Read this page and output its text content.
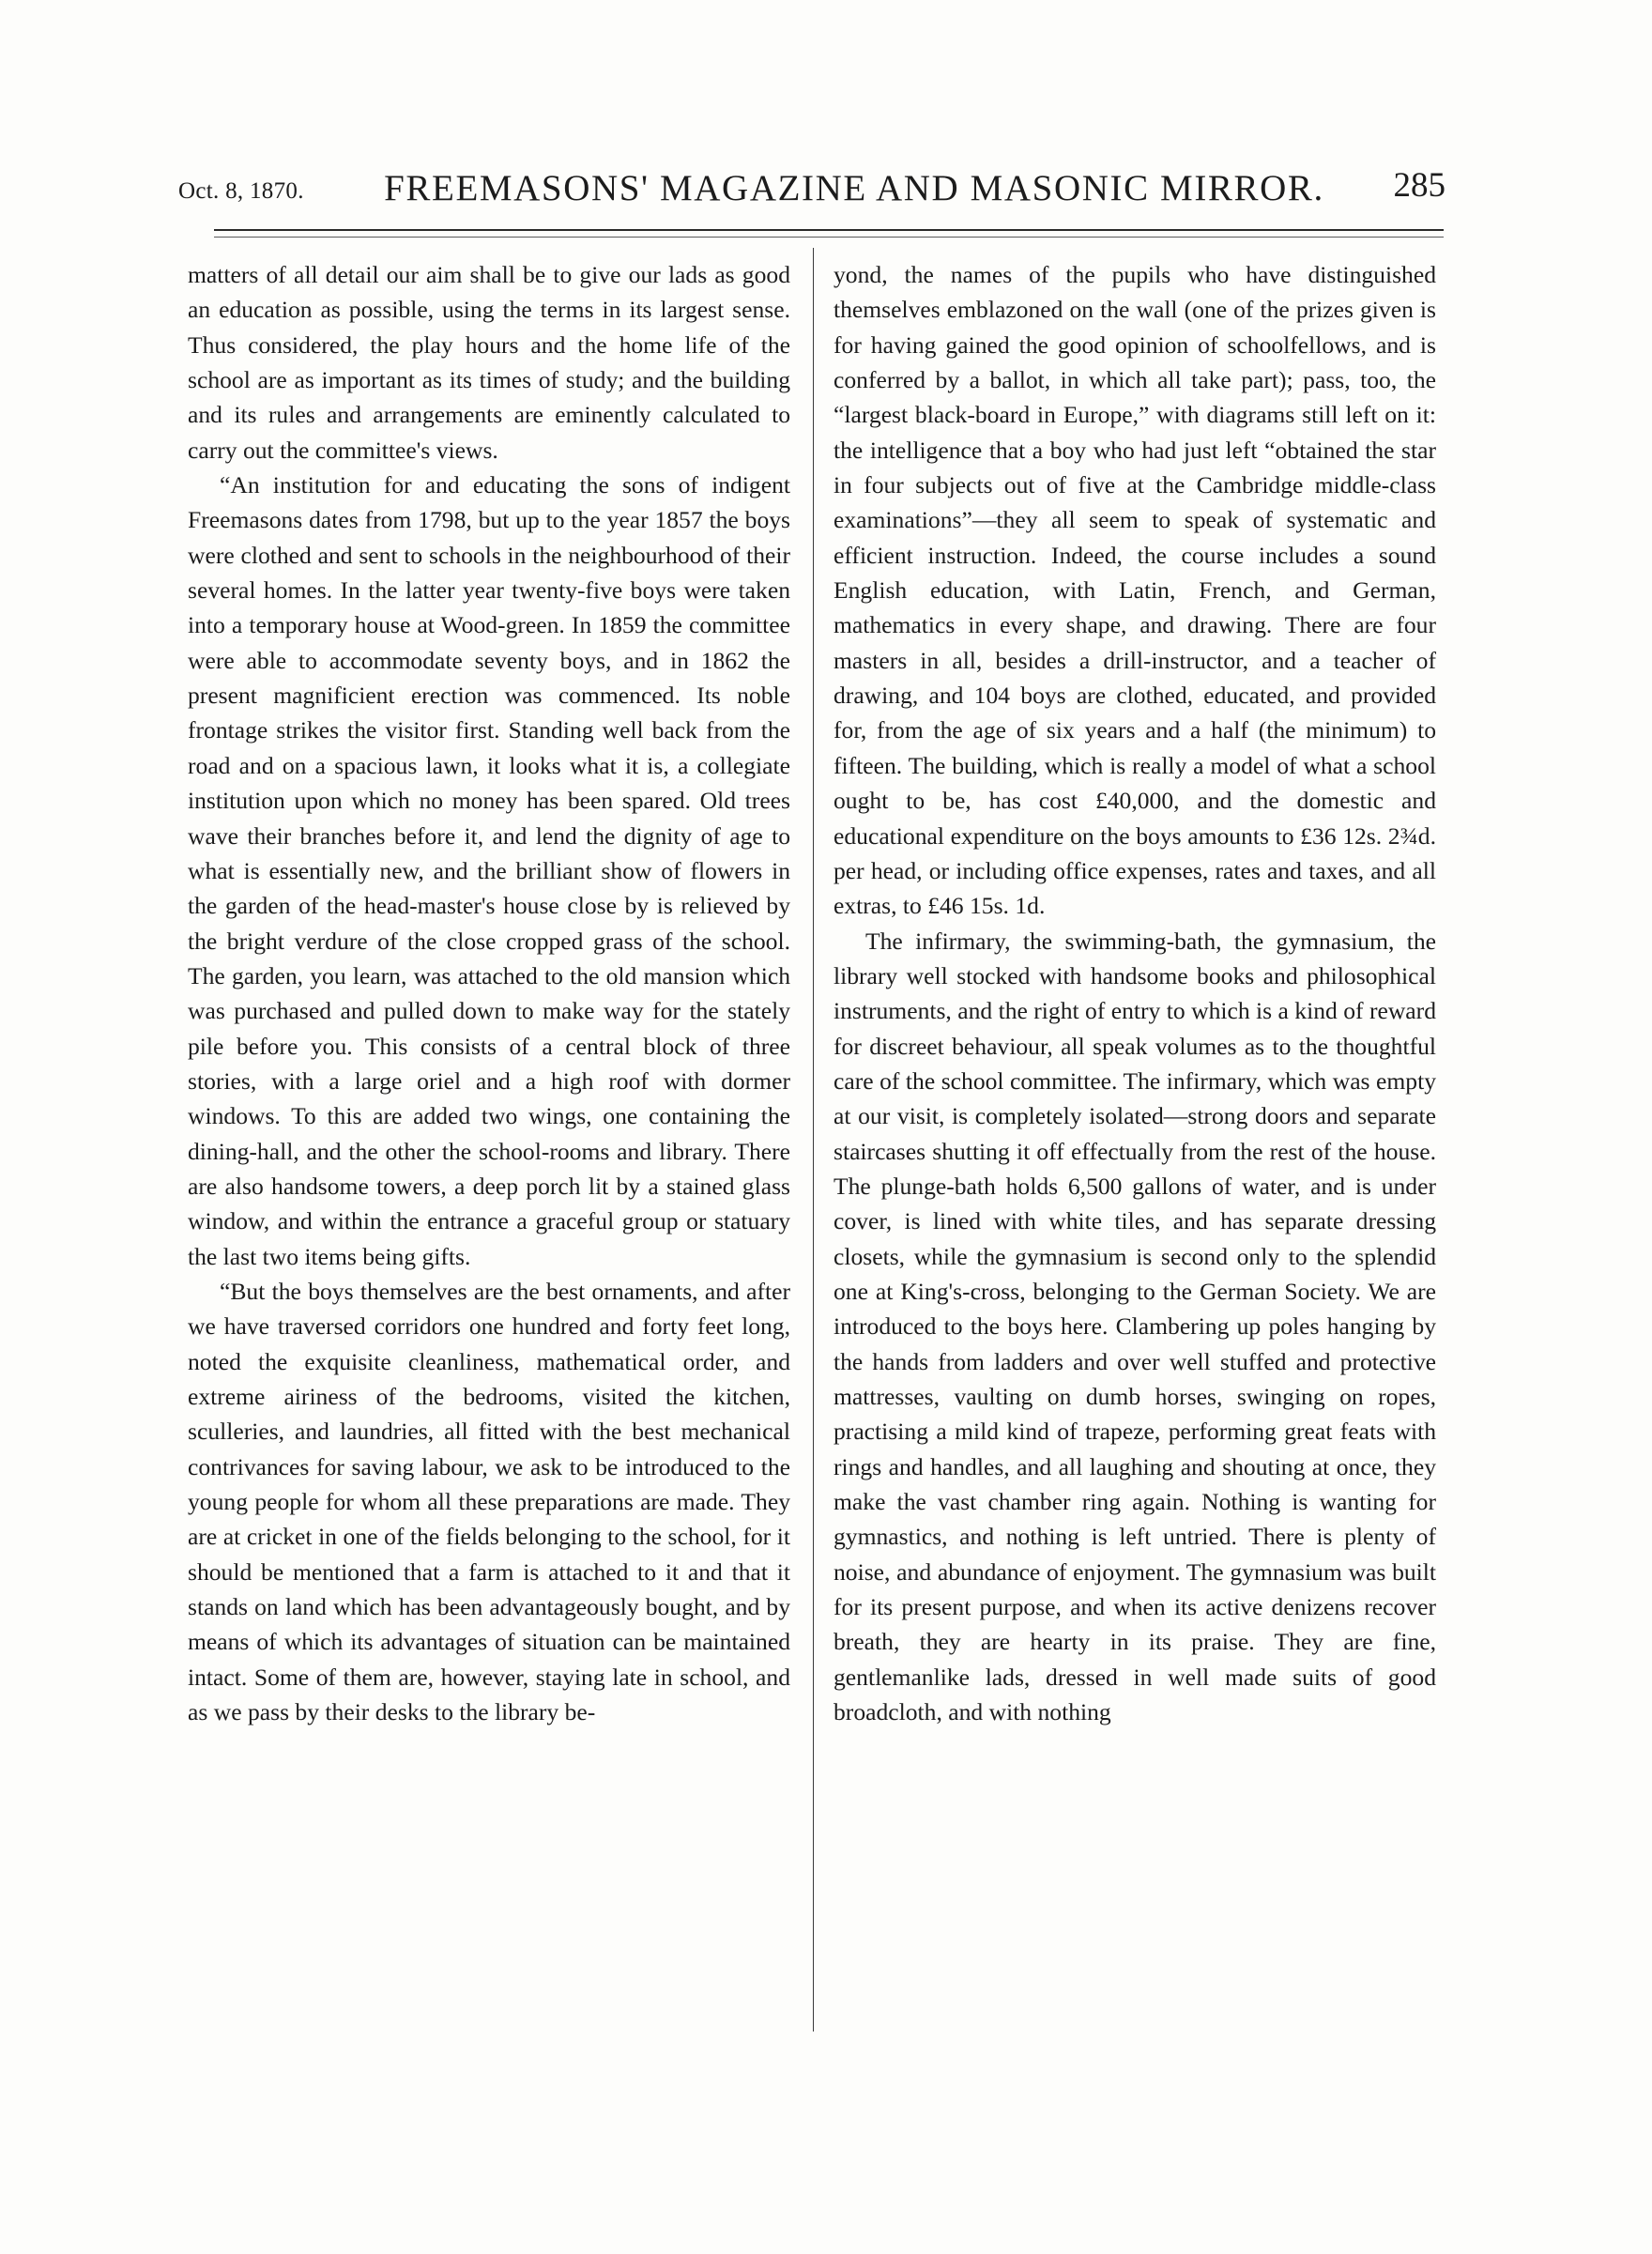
Oct. 8, 1870.	FREEMASONS' MAGAZINE AND MASONIC MIRROR.	285

matters of all detail our aim shall be to give our lads as good an education as possible, using the terms in its largest sense. Thus considered, the play hours and the home life of the school are as important as its times of study; and the building and its rules and arrangements are eminently calculated to carry out the committee's views.

“An institution for and educating the sons of indigent Freemasons dates from 1798, but up to the year 1857 the boys were clothed and sent to schools in the neighbourhood of their several homes. In the latter year twenty-five boys were taken into a temporary house at Wood-green. In 1859 the committee were able to accommodate seventy boys, and in 1862 the present magnificient erection was commenced. Its noble frontage strikes the visitor first. Standing well back from the road and on a spacious lawn, it looks what it is, a collegiate institution upon which no money has been spared. Old trees wave their branches before it, and lend the dignity of age to what is essentially new, and the brilliant show of flowers in the garden of the head-master's house close by is relieved by the bright verdure of the close cropped grass of the school. The garden, you learn, was attached to the old mansion which was purchased and pulled down to make way for the stately pile before you. This consists of a central block of three stories, with a large oriel and a high roof with dormer windows. To this are added two wings, one containing the dining-hall, and the other the school-rooms and library. There are also handsome towers, a deep porch lit by a stained glass window, and within the entrance a graceful group or statuary the last two items being gifts.

“But the boys themselves are the best ornaments, and after we have traversed corridors one hundred and forty feet long, noted the exquisite cleanliness, mathematical order, and extreme airiness of the bedrooms, visited the kitchen, sculleries, and laundries, all fitted with the best mechanical contrivances for saving labour, we ask to be introduced to the young people for whom all these preparations are made. They are at cricket in one of the fields belonging to the school, for it should be mentioned that a farm is attached to it and that it stands on land which has been advantageously bought, and by means of which its advantages of situation can be maintained intact. Some of them are, however, staying late in school, and as we pass by their desks to the library be-

yond, the names of the pupils who have distinguished themselves emblazoned on the wall (one of the prizes given is for having gained the good opinion of schoolfellows, and is conferred by a ballot, in which all take part); pass, too, the “largest black-board in Europe,” with diagrams still left on it: the intelligence that a boy who had just left “obtained the star in four subjects out of five at the Cambridge middle-class examinations”—they all seem to speak of systematic and efficient instruction. Indeed, the course includes a sound English education, with Latin, French, and German, mathematics in every shape, and drawing. There are four masters in all, besides a drill-instructor, and a teacher of drawing, and 104 boys are clothed, educated, and provided for, from the age of six years and a half (the minimum) to fifteen. The building, which is really a model of what a school ought to be, has cost £40,000, and the domestic and educational expenditure on the boys amounts to £36 12s. 2¾d. per head, or including office expenses, rates and taxes, and all extras, to £46 15s. 1d.

The infirmary, the swimming-bath, the gymnasium, the library well stocked with handsome books and philosophical instruments, and the right of entry to which is a kind of reward for discreet behaviour, all speak volumes as to the thoughtful care of the school committee. The infirmary, which was empty at our visit, is completely isolated—strong doors and separate staircases shutting it off effectually from the rest of the house. The plunge-bath holds 6,500 gallons of water, and is under cover, is lined with white tiles, and has separate dressing closets, while the gymnasium is second only to the splendid one at King's-cross, belonging to the German Society. We are introduced to the boys here. Clambering up poles hanging by the hands from ladders and over well stuffed and protective mattresses, vaulting on dumb horses, swinging on ropes, practising a mild kind of trapeze, performing great feats with rings and handles, and all laughing and shouting at once, they make the vast chamber ring again. Nothing is wanting for gymnastics, and nothing is left untried. There is plenty of noise, and abundance of enjoyment. The gymnasium was built for its present purpose, and when its active denizens recover breath, they are hearty in its praise. They are fine, gentlemanlike lads, dressed in well made suits of good broadcloth, and with nothing
